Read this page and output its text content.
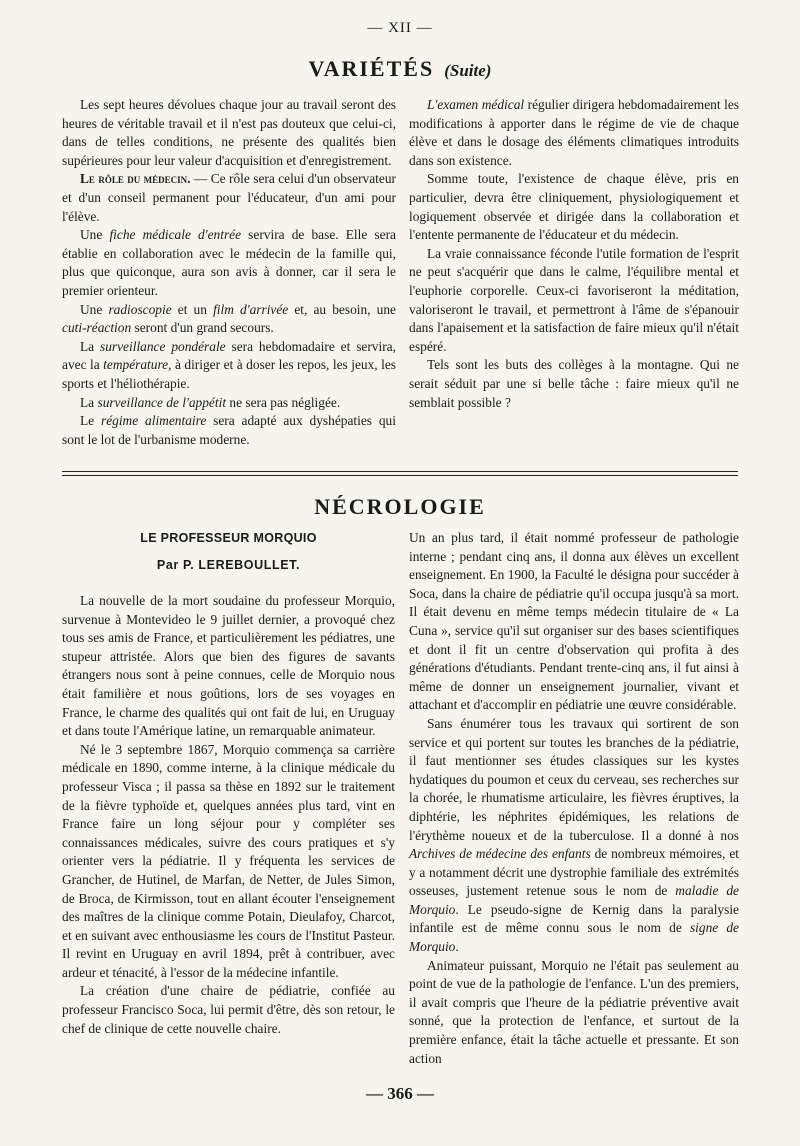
— XII —
VARIÉTÉS (Suite)

Les sept heures dévolues chaque jour au travail seront des heures de véritable travail et il n'est pas douteux que celui-ci, dans de telles conditions, ne présente des qualités bien supérieures pour leur valeur d'acquisition et d'enregistrement.

Le rôle du médecin. — Ce rôle sera celui d'un observateur et d'un conseil permanent pour l'éducateur, d'un ami pour l'élève.

Une fiche médicale d'entrée servira de base. Elle sera établie en collaboration avec le médecin de la famille qui, plus que quiconque, aura son avis à donner, car il sera le premier orienteur.

Une radioscopie et un film d'arrivée et, au besoin, une cuti-réaction seront d'un grand secours.

La surveillance pondérale sera hebdomadaire et servira, avec la température, à diriger et à doser les repos, les jeux, les sports et l'héliothérapie.

La surveillance de l'appétit ne sera pas négligée.

Le régime alimentaire sera adapté aux dyshépaties qui sont le lot de l'urbanisme moderne.

L'examen médical régulier dirigera hebdomadairement les modifications à apporter dans le régime de vie de chaque élève et dans le dosage des éléments climatiques introduits dans son existence.

Somme toute, l'existence de chaque élève, pris en particulier, devra être cliniquement, physiologiquement et logiquement observée et dirigée dans la collaboration et l'entente permanente de l'éducateur et du médecin.

La vraie connaissance féconde l'utile formation de l'esprit ne peut s'acquérir que dans le calme, l'équilibre mental et l'euphorie corporelle. Ceux-ci favoriseront la méditation, valoriseront le travail, et permettront à l'âme de s'épanouir dans l'apaisement et la satisfaction de faire mieux qu'il n'était espéré.

Tels sont les buts des collèges à la montagne. Qui ne serait séduit par une si belle tâche : faire mieux qu'il ne semblait possible ?

NÉCROLOGIE
LE PROFESSEUR MORQUIO
Par P. LEREBOULLET.

La nouvelle de la mort soudaine du professeur Morquio, survenue à Montevideo le 9 juillet dernier, a provoqué chez tous ses amis de France, et particulièrement les pédiatres, une stupeur attristée. Alors que bien des figures de savants étrangers nous sont à peine connues, celle de Morquio nous était familière et nous goûtions, lors de ses voyages en France, le charme des qualités qui ont fait de lui, en Uruguay et dans toute l'Amérique latine, un remarquable animateur.

Né le 3 septembre 1867, Morquio commença sa carrière médicale en 1890, comme interne, à la clinique médicale du professeur Visca ; il passa sa thèse en 1892 sur le traitement de la fièvre typhoïde et, quelques années plus tard, vint en France faire un long séjour pour y compléter ses connaissances médicales, suivre des cours pratiques et s'y orienter vers la pédiatrie. Il y fréquenta les services de Grancher, de Hutinel, de Marfan, de Netter, de Jules Simon, de Broca, de Kirmisson, tout en allant écouter l'enseignement des maîtres de la clinique comme Potain, Dieulafoy, Charcot, et en suivant avec enthousiasme les cours de l'Institut Pasteur. Il revint en Uruguay en avril 1894, prêt à contribuer, avec ardeur et ténacité, à l'essor de la médecine infantile.

La création d'une chaire de pédiatrie, confiée au professeur Francisco Soca, lui permit d'être, dès son retour, le chef de clinique de cette nouvelle chaire.

Un an plus tard, il était nommé professeur de pathologie interne ; pendant cinq ans, il donna aux élèves un excellent enseignement. En 1900, la Faculté le désigna pour succéder à Soca, dans la chaire de pédiatrie qu'il occupa jusqu'à sa mort. Il était devenu en même temps médecin titulaire de « La Cuna », service qu'il sut organiser sur des bases scientifiques et dont il fit un centre d'observation qui profita à des générations d'étudiants. Pendant trente-cinq ans, il fut ainsi à même de donner un enseignement journalier, vivant et attachant et d'accomplir en pédiatrie une œuvre considérable.

Sans énumérer tous les travaux qui sortirent de son service et qui portent sur toutes les branches de la pédiatrie, il faut mentionner ses études classiques sur les kystes hydatiques du poumon et ceux du cerveau, ses recherches sur la chorée, le rhumatisme articulaire, les fièvres éruptives, la diphtérie, les néphrites épidémiques, les relations de l'érythème noueux et de la tuberculose. Il a donné à nos Archives de médecine des enfants de nombreux mémoires, et y a notamment décrit une dystrophie familiale des extrémités osseuses, justement retenue sous le nom de maladie de Morquio. Le pseudo-signe de Kernig dans la paralysie infantile est de même connu sous le nom de signe de Morquio.

Animateur puissant, Morquio ne l'était pas seulement au point de vue de la pathologie de l'enfance. L'un des premiers, il avait compris que l'heure de la pédiatrie préventive avait sonné, que la protection de l'enfance, et surtout de la première enfance, était la tâche actuelle et pressante. Et son action

— 366 —
